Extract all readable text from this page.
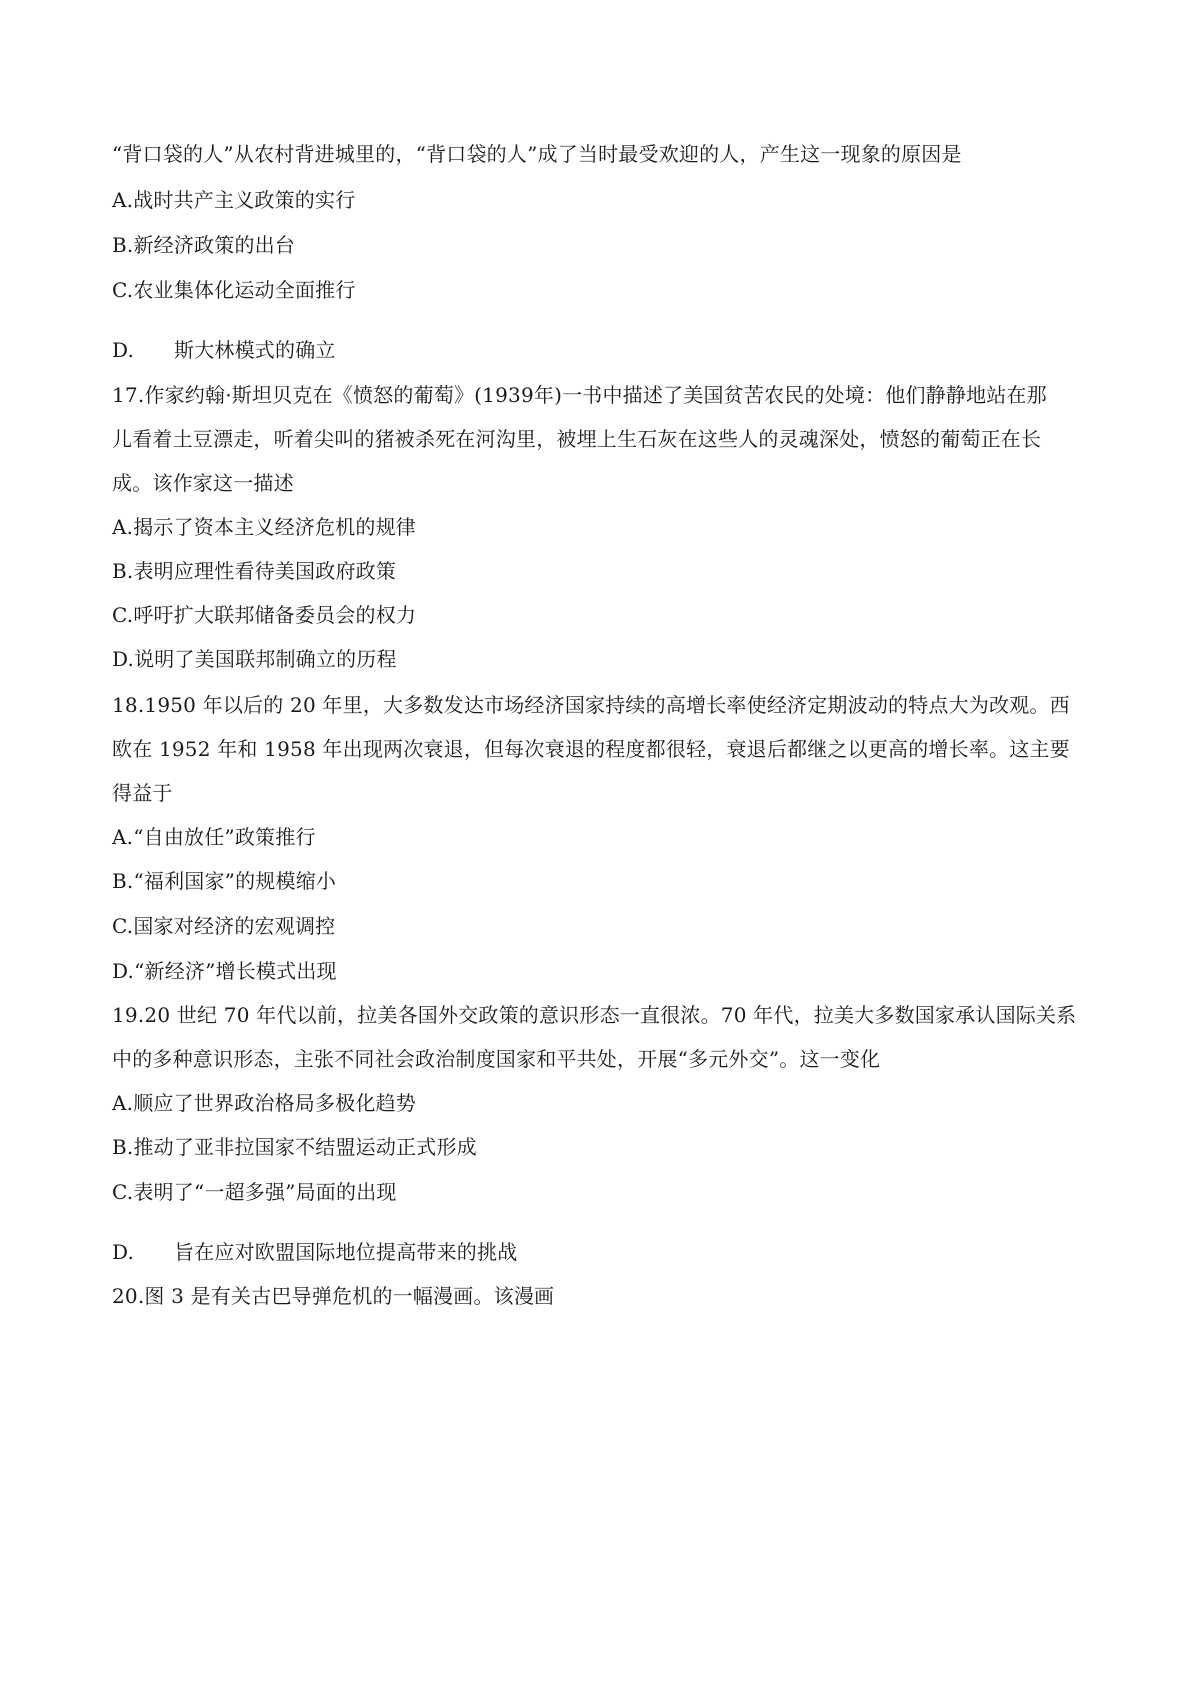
“背口袋的人”从农村背进城里的，“背口袋的人”成了当时最受欢迎的人，产生这一现象的原因是
A.战时共产主义政策的实行
B.新经济政策的出台
C.农业集体化运动全面推行
D. 斯大林模式的确立
17.作家约翰·斯坦贝克在《愤怒的葡萄》(1939年)一书中描述了美国贫苦农民的处境：他们静静地站在那
儿看着土豆漂走，听着尖叫的猪被杀死在河沟里，被埋上生石灰在这些人的灵魂深处，愤怒的葡萄正在长
成。该作家这一描述
A.揭示了资本主义经济危机的规律
B.表明应理性看待美国政府政策
C.呼吁扩大联邦储备委员会的权力
D.说明了美国联邦制确立的历程
18.1950 年以后的 20 年里，大多数发达市场经济国家持续的高增长率使经济定期波动的特点大为改观。西
欧在 1952 年和 1958 年出现两次衰退，但每次衰退的程度都很轻，衰退后都继之以更高的增长率。这主要
得益于
A.“自由放任”政策推行
B.“福利国家”的规模缩小
C.国家对经济的宏观调控
D.“新经济”增长模式出现
19.20 世纪 70 年代以前，拉美各国外交政策的意识形态一直很浓。70 年代，拉美大多数国家承认国际关系
中的多种意识形态，主张不同社会政治制度国家和平共处，开展“多元外交”。这一变化
A.顺应了世界政治格局多极化趋势
B.推动了亚非拉国家不结盟运动正式形成
C.表明了“一超多强”局面的出现
D. 旨在应对欧盟国际地位提高带来的挑战
20.图 3 是有关古巴导弹危机的一幅漫画。该漫画
